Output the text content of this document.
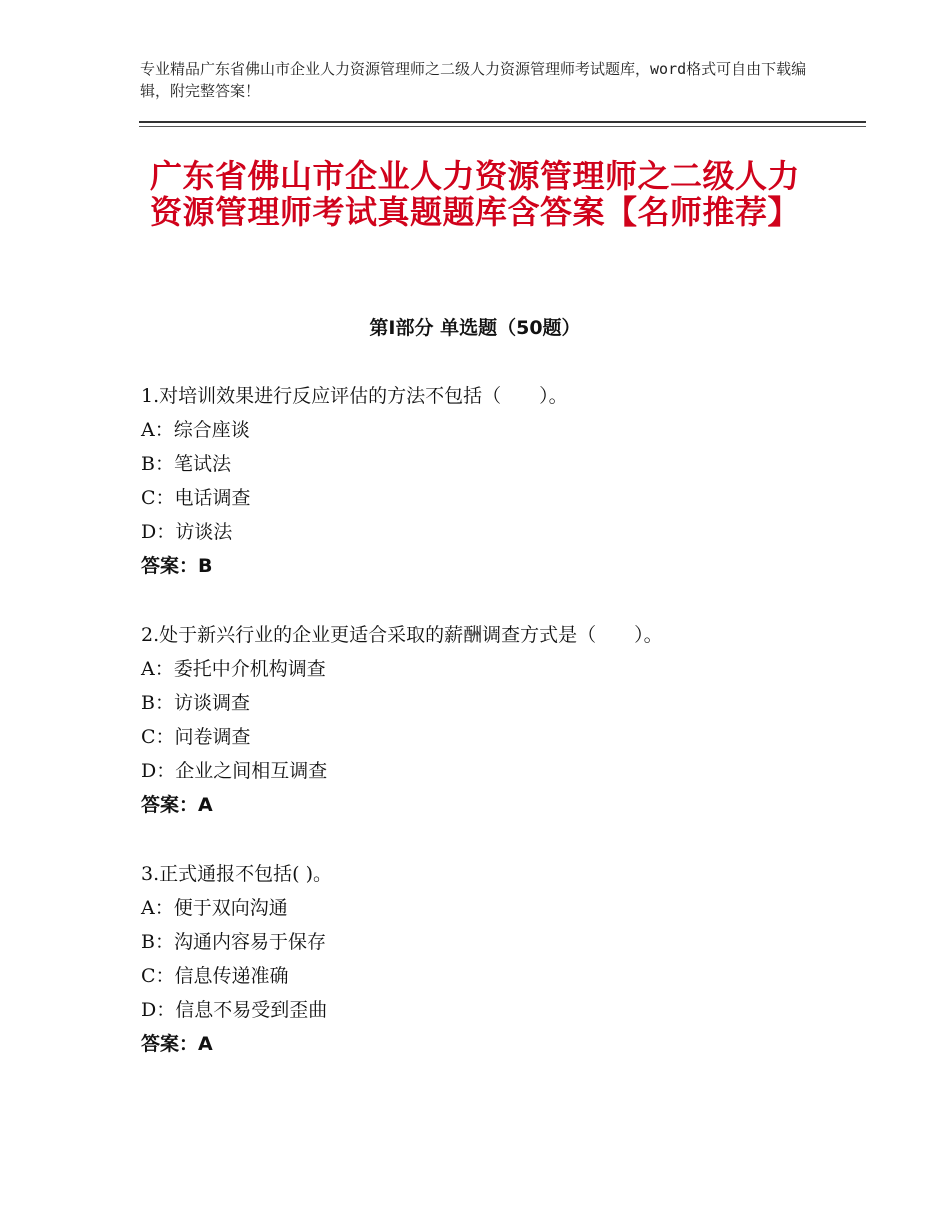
专业精品广东省佛山市企业人力资源管理师之二级人力资源管理师考试题库，word格式可自由下载编辑，附完整答案！
广东省佛山市企业人力资源管理师之二级人力资源管理师考试真题题库含答案【名师推荐】
第Ⅰ部分 单选题（50题）
1.对培训效果进行反应评估的方法不包括（　　）。
A：综合座谈
B：笔试法
C：电话调查
D：访谈法
答案：B
2.处于新兴行业的企业更适合采取的薪酬调查方式是（　　）。
A：委托中介机构调查
B：访谈调查
C：问卷调查
D：企业之间相互调查
答案：A
3.正式通报不包括( )。
A：便于双向沟通
B：沟通内容易于保存
C：信息传递准确
D：信息不易受到歪曲
答案：A
